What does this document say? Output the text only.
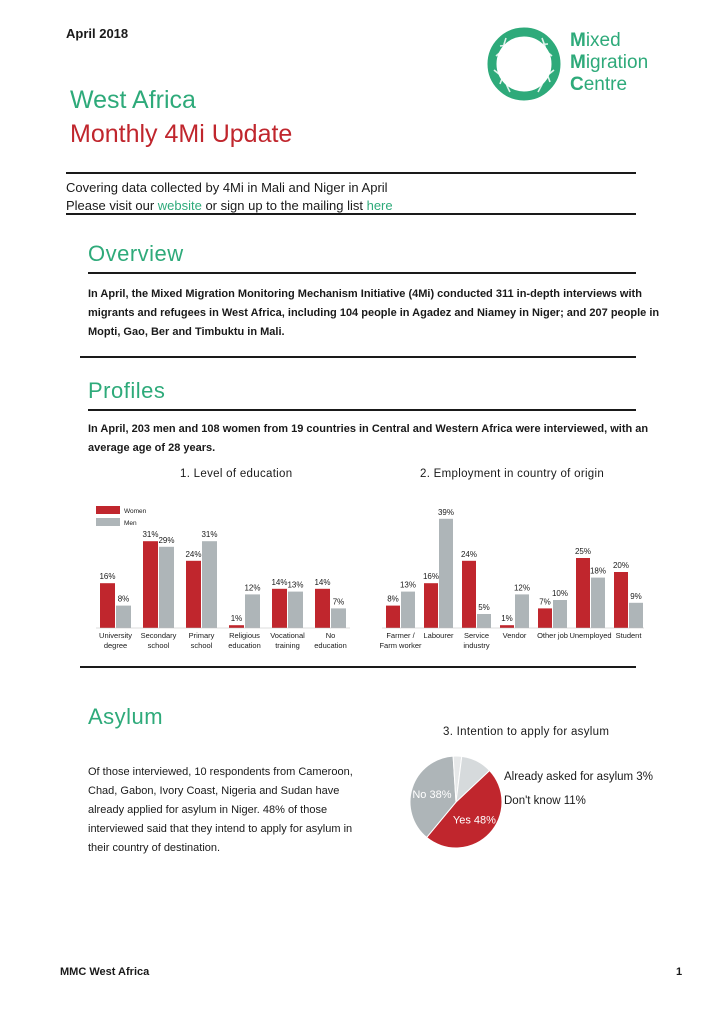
April 2018	Mixed
Migration
Centre
West Africa
Monthly 4Mi Update
Covering data collected by 4Mi in Mali and Niger in April
Please visit our website or sign up to the mailing list here
Overview
In April, the Mixed Migration Monitoring Mechanism Initiative (4Mi) conducted 311 in-depth interviews with migrants and refugees in West Africa, including 104 people in Agadez and Niamey in Niger; and 207 people in Mopti, Gao, Ber and Timbuktu in Mali.
Profiles
In April, 203 men and 108 women from 19 countries in Central and Western Africa were interviewed, with an average age of 28 years.
1. Level of education	2. Employment in country of origin
16%
8%
University
degree
31%
29%
Secondary
school
24%
31%
Primary
school
1%
12%
Religious
education
14% 13%
Vocational
training
14%
7%
No
education
Women
Men
8%
13%
Farmer /
Farm worker
16%
39%
Labourer
24%
5%
Service
industry
1%
12%
Vendor
7%
10%
Other job
25%
18%
Unemployed
20%
9%
Student
Asylum
3. Intention to apply for asylum
Of those interviewed, 10 respondents from Cameroon, Chad, Gabon, Ivory Coast, Nigeria and Sudan have already applied for asylum in Niger. 48% of those interviewed said that they intend to apply for asylum in their country of destination.
Yes 48%
No 38%
Already asked for asylum 3%
Don't know 11%
MMC West Africa	1
